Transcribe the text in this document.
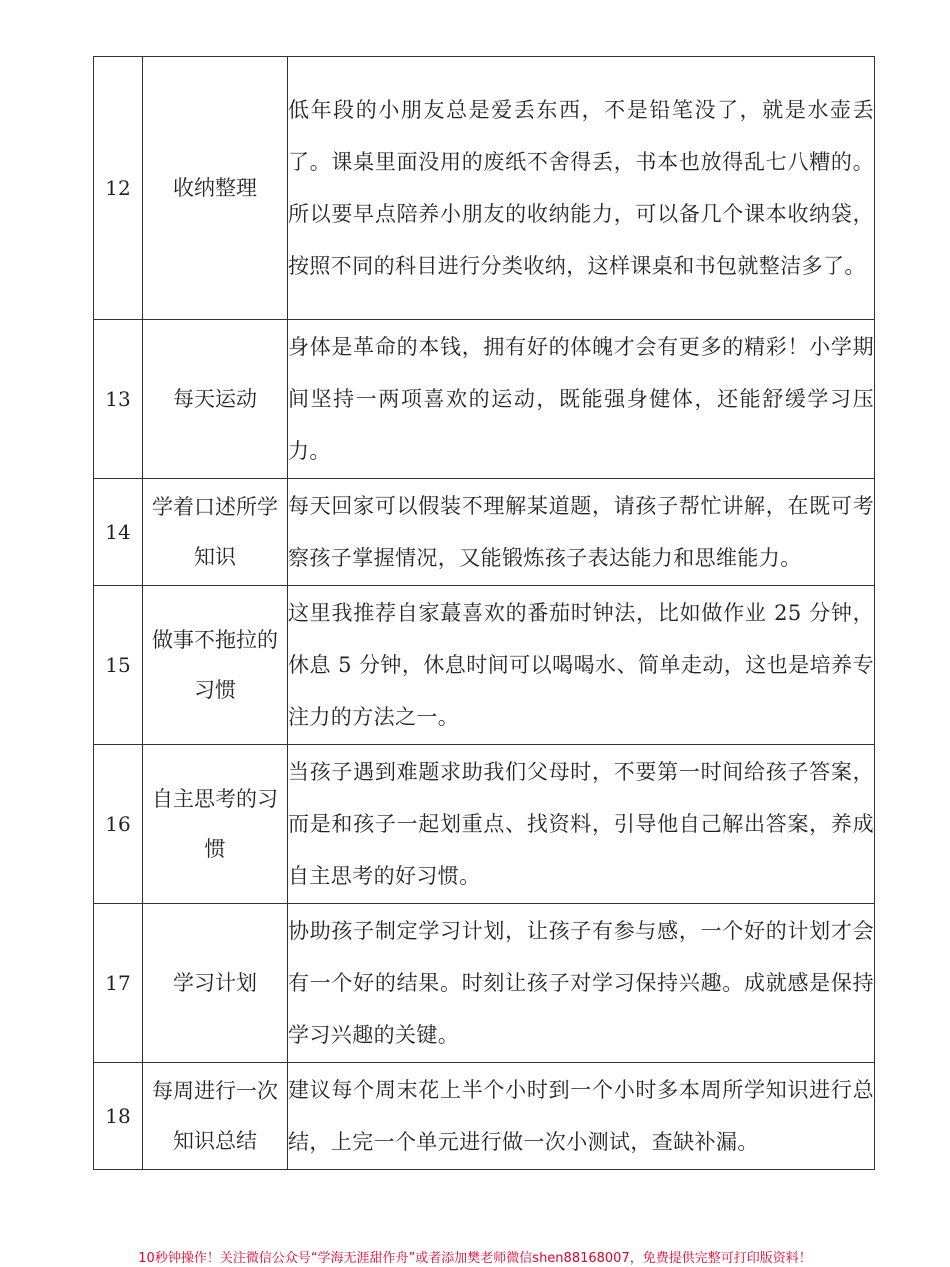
12	收纳整理	低年段的小朋友总是爱丢东西，不是铅笔没了，就是水壶丢了。课桌里面没用的废纸不舍得丢，书本也放得乱七八糟的。所以要早点陪养小朋友的收纳能力，可以备几个课本收纳袋，按照不同的科目进行分类收纳，这样课桌和书包就整洁多了。
13	每天运动	身体是革命的本钱，拥有好的体魄才会有更多的精彩！小学期间坚持一两项喜欢的运动，既能强身健体，还能舒缓学习压力。
14	学着口述所学知识	每天回家可以假装不理解某道题，请孩子帮忙讲解，在既可考察孩子掌握情况，又能锻炼孩子表达能力和思维能力。
15	做事不拖拉的习惯	这里我推荐自家蕞喜欢的番茄时钟法，比如做作业 25 分钟，休息 5 分钟，休息时间可以喝喝水、简单走动，这也是培养专注力的方法之一。
16	自主思考的习惯	当孩子遇到难题求助我们父母时，不要第一时间给孩子答案，而是和孩子一起划重点、找资料，引导他自己解出答案，养成自主思考的好习惯。
17	学习计划	协助孩子制定学习计划，让孩子有参与感，一个好的计划才会有一个好的结果。时刻让孩子对学习保持兴趣。成就感是保持学习兴趣的关键。
18	每周进行一次知识总结	建议每个周末花上半个小时到一个小时多本周所学知识进行总结，上完一个单元进行做一次小测试，查缺补漏。
10秒钟操作！关注微信公众号“学海无涯甜作舟”或者添加樊老师微信shen88168007，免费提供完整可打印版资料！
